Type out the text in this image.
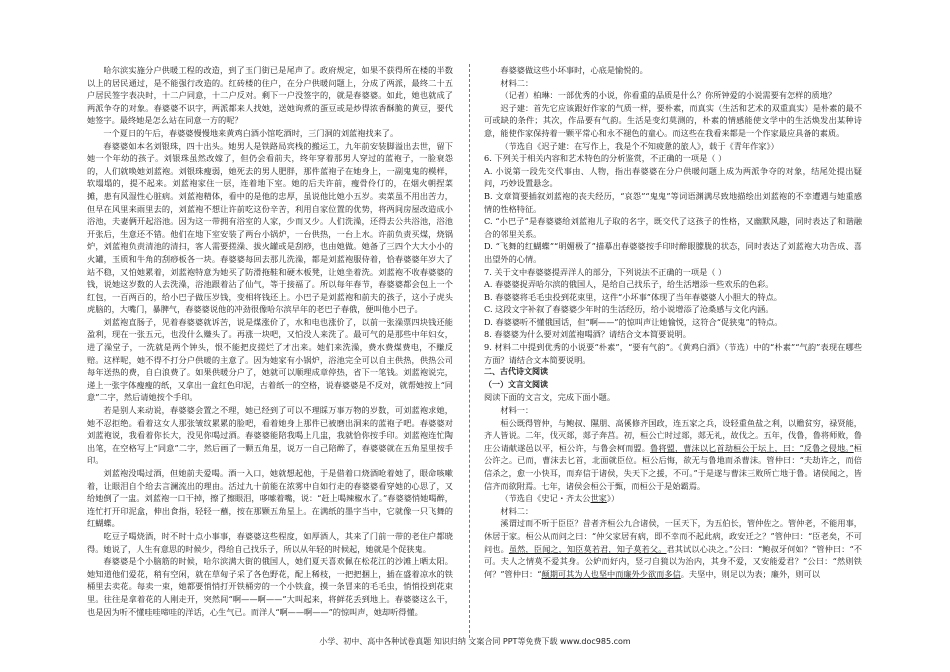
哈尔滨实施分户供暖工程的改造，到了玉门街已是尾声了。政府规定，如果不获得所在楼的半数以上的居民通过，是不能强行改造的。红砖楼的住户，在分户供暖问题上，分成了两派，最终二十五户居民签字表决时，十二户同意，十二户反对。剩下一户没签字的，就是春婆婆。如此，她也就成了两派争夺的对象。春婆婆不识字，两派都来人找她，送她询煮的蛋豆或是炒得浓香酥脆的黄豆，要代她签字。最终她是怎么站在同意一方的呢？

一个夏日的午后，春婆婆慢慢地来黄鸡白酒小馆吃酒时，三门洞的刘蓝袍找来了。

春婆婆如本名刘银珠，四十出头。她男人是铁路局宾栈的搬运工，九年前安装脚溢出去世，留下她一个年幼的孩子。刘银珠虽然改嫁了，但仍会看前夫，终年穿着那男人穿过的蓝袍子，一脸衰怨的，人们就唤她刘蓝袍。刘银珠瘦弱，她死去的男人肥胖，那件蓝袍子在她身上，一副鬼鬼的模样，软塌塌的，提不起来。刘蓝袍家住一层，连着地下室。她的后夫许前，瘦骨伶仃的，在烟火朝捏菜摊，患有风湿性心脏病。刘蓝袍精体，看中的是他的忠厚，虽说他比她小五岁。卖菜虽不用出苦力，但早在风里来雨里去的，刘蓝袍不想让许前吃这份辛苦，利用自家位置的优势，将两间房屋改造成小浴池，夫妻俩开起浴池。因为这一带拥有浴室的人家，少而又少。人们洗澡，还得去公共浴池，浴池开张后，生意还不错。他们在地下室安装了两台小锅炉，一台供热，一台上水。许前负责买煤，烧锅炉，刘蓝袍负责清池的清扫，客人需要搓澡、拔火罐或是刮痧，也由她做。她备了三四个大大小小的火罐，玉质和牛角的刮痧板各一块。春婆婆每回去那儿洗澡，都是刘蓝袍服侍着，恰春婆婆年岁大了站不稳，又怕她累着，刘蓝袍特意为她买了防滑拖鞋和硬木板凳，让她坐着洗。刘蓝袍不收春婆婆的钱，说她这岁数的人去洗澡，浴池跟着沾了仙气，等于接福了。所以每年春节，春婆婆都会包上一个红包，一百两百的，给小巴子做压岁钱，变相将钱还上。小巴子是刘蓝袍和前夫的孩子，这小子虎头虎脑的，大嘴门，暴脾气，春婆婆说他的冲劲很像哈尔滨早年的老巴子春俄，便叫他小巴子。

刘蓝袍直肠子，见着春婆婆就诉苦，说是煤涨价了，水和电也涨价了，以前一张澡票四块钱还能盈利，现在一张五元，也没什么赚头了。再涨一块吧，又怕没人来洗了。最可气的是那些中年妇女，进了澡堂子，一洗就是两个钟头，恨不能把皮搓烂了才出来。她们来洗澡，费水费煤费电，不赚反赔。这样呢，她不得不打分户供暖的主意了。因为她家有小锅炉，浴池完全可以自主供热，供热公司每年送热的费，自白浪费了。如果供暖分户了，她就可以顺理成章停热，省下一笔钱。刘蓝袍说完，递上一张字体瘦瘦的纸，又拿出一盒红色印泥，古着纸一的空格，说春婆婆是不反对，就帮她按上“同意”二字，然后请她按个手印。

若是别人来动说，春婆婆会置之不理，她已经到了可以不理睬万事万物的岁数，可刘蓝袍求她，她不忍拒绝。看着这女人那张皱纹累累的脸吧，看着她身上那件已被磨出洞来的蓝袍子吧。春婆婆对刘蓝袍说，我看着你长大，没见你喝过酒。春婆婆能陪我喝上几盅，我就恰你按手印。刘蓝袍连忙陶出笔，在空格写上“同意”二字，然后画了一颗五角星，说万一自己陪醉了，春婆婆就在五角星里按手印。

刘蓝袍没喝过酒，但她前夫爱喝。酒一入口，她就想起他，于是借着口烧酒呛着她了，眼命咳嗽着，让眼泪自个给去言澜流出的理由。活过九十前能在浓雾中自如行走的春婆婆看穿她的心思了，又给她倒了一盅。刘蓝袍一口干掉，擦了擦眼泪，哆嗦着嘴，说：“赶上喝辣椒水了。”春婆婆悄她喝醉，连忙打开印泥盒，伸出食指，轻轻一蘸，按在那颗五角星上。在满纸的墨字当中，它就像一只飞舞的红蝴蝶。

吃豆子喝烧酒，时不时十点小事事，春婆婆这些程度，如厚酒人，其来了门前一带的老住户都晓得。她说了，人生有意思的时候少，得给自己找乐子，所以从年轻的时候起，她就是个促狭鬼。

春婆婆是个小脑筋的时候，哈尔滨满大街的俄国人，她们夏天喜欢佩在松花江的沙滩上晒太阳。她知道他们爱花，稍有空闲，就在草甸子采了各色野花，配上稀枝，一把把捆上，插在盛着凉水的铁桶里去卖花。每卖一束，她都要悄悄打开铁桶旁的一个小铁盒，摸一条冒来的毛毛虫，悄悄投到花束里。往往是拿着花的人刚走开，突然间“啊——啊——”大叫起来，将鲜花丢到地上。春婆婆这么干，也是因为听不懂哇哇啼哇的洋话，心生气已。而洋人“啊——啊——”的惊叫声，她却听得懂。

春婆婆做这些小坏事时，心底是愉悦的。

材料二：

（记者）柏琳：一部优秀的小说，你看重的品质是什么？你所钟爱的小说需要有怎样的质地？

迟子建：首先它应该跟好作家的气质一样，要朴素，而真实（生活和艺术的双重真实）是朴素的最不可或缺的条件；其次，作品要有气韵。生活是变幻莫测的，朴素的情感能使文学中的生活焕发出某种诗意，能使作家保持着一颗平常心和永不褪色的童心。而这些在我看来都是一个作家最应具备的素质。

（节选自《迟子建：在写作上，我是个不知疲惫的旅人》，载于《青年作家》）

6. 下列关于相关内容和艺术特色的分析鉴赏，不正确的一项是（ ）

A. 小说第一段先交代事由、人物，指出春婆婆在分户供暖问题上成为两派争夺的对象，结尾处提出疑问，巧妙设置悬念。

B. 文章简要插叙刘蓝袍的丧夫经历，“哀怨”“鬼鬼”等词语渊满尽致地描绘出刘蓝袍的不幸遭遇与她重感情的性格特征。

C. “小巴子”是春婆婆给刘蓝袍儿子取的名字，既交代了这孩子的性格，又幽默风趣，同时表达了和谐融合的邻里关系。

D. “飞舞的红蝴蝶”“明媚极了”描摹出春婆婆按手印时醉眼朦胧的状态，同时表达了刘蓝袍大功告成、喜出望外的心情。

7. 关于文中春婆婆提弄洋人的部分，下列说法不正确的一项是（ ）

A. 春婆婆捉弄哈尔滨的俄国人，是给自己找乐子，给生活增添一些欢乐的色彩。

B. 春婆婆将毛毛虫投到花束里，这件“小坏事”体现了当年春婆婆人小胆大的特点。

C. 这段文字补叙了春婆婆少年时的生活经历，给小说增添了沧桑感与文化内涵。

D. 春婆婆听不懂俄国话，但“啊——”的惊叫声让她愉悦，这符合“促狭鬼”的特点。

8. 春婆婆为什么要对刘蓝袍喝酒？请结合文本简要说明。

9. 材料二中提到优秀的小说要“朴素”，“要有气韵”。《黄鸡白酒》（节选）中的“朴素”“气韵”表现在哪些方面？请结合文本简要说明。

二、古代诗文阅读

（一）文言文阅读

阅读下面的文言文，完成下面小题。

材料一：

桓公既得管仲，与鲍叔、隰朋、高傒修齐国政，连五家之兵，设轻重鱼盐之利，以赡贫穷，禄贤能，齐人皆说。二年，伐灭郯，郯子奔莒。初，桓公亡时过郯，郯无礼，故伐之。五年，伐鲁，鲁将师败，鲁庄公请献遂邑以平，桓公许，与鲁会柯而盟。鲁将盟，曹沫以匕首劫桓公于坛上，曰：“反鲁之侵地。”桓公许之。已而，曹沫去匕首，北面就臣位。桓公后悔，欲无与鲁地而杀曹沫。管仲曰：“夫劫许之，而倍信杀之，愈一小快耳，而弃信于诸侯，失天下之援，不可。”于是遂与曹沫三败所亡地于鲁。诸侯闻之，皆信齐而欲附焉。七年，诸侯会桓公于甄，而桓公于是始霸焉。

（节选自《史记・齐太公世家》）

材料二：

溪谓过而不听于臣臣？昔者齐桓公九合诸侯，一匡天下，为五伯长，管仲佐之。管仲老，不能用事，休居于家。桓公从而问之曰：“仲父家居有病，即不幸而不起此病，政安迁之？”管仲曰：“臣老矣，不可问也。虽然，臣闻之，知臣莫若君，知子莫若父。君其试以心决之。”公曰：“鲍叔牙何如？”管仲曰：“不可。夫人之情莫不爱其身。公妒而好内，竖刁自獍以为治内，其身不爱，又安能爱君？”公曰：“然则铁何？”管仲曰：“颠期可其为人也坚中而廉外少欲而多信。夫坚中，则足以为表；廉外，则可以

小学、初中、高中各种试卷真题 知识归纳 文案合同 PPT等免费下载 www.doc985.com
